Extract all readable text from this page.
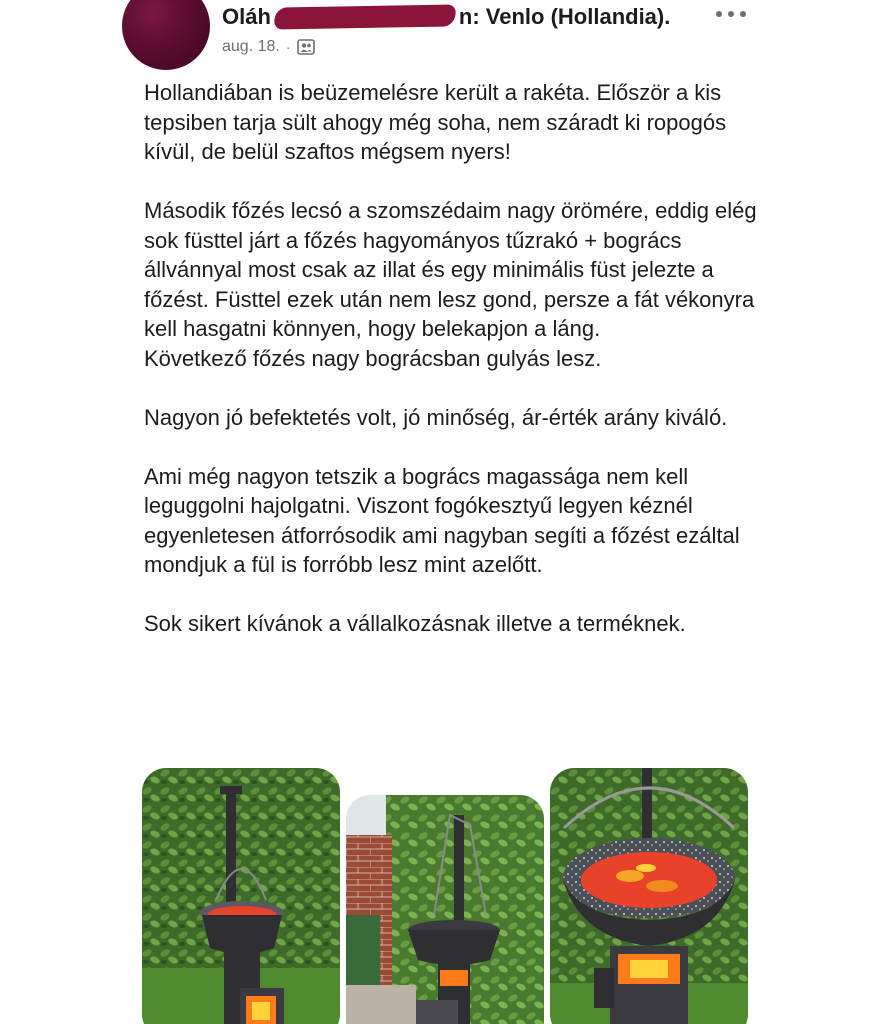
Oláh	n: Venlo (Hollandia).
aug. 18. ·

Hollandiában is beüzemelésre került a rakéta. Először a kis tepsiben tarja sült ahogy még soha, nem száradt ki ropogós kívül, de belül szaftos mégsem nyers!

Második főzés lecsó a szomszédaim nagy örömére, eddig elég sok füsttel járt a főzés hagyományos tűzrakó + bogrács állvánnyal most csak az illat és egy minimális füst jelezte a főzést. Füsttel ezek után nem lesz gond, persze a fát vékonyra kell hasgatni könnyen, hogy belekapjon a láng.
Következő főzés nagy bográcsban gulyás lesz.

Nagyon jó befektetés volt, jó minőség, ár-érték arány kiváló.

Ami még nagyon tetszik a bogrács magassága nem kell leguggolni hajolgatni. Viszont fogókesztyű legyen kéznél egyenletesen átforrósodik ami nagyban segíti a főzést ezáltal mondjuk a fül is forróbb lesz mint azelőtt.

Sok sikert kívánok a vállalkozásnak illetve a terméknek.
